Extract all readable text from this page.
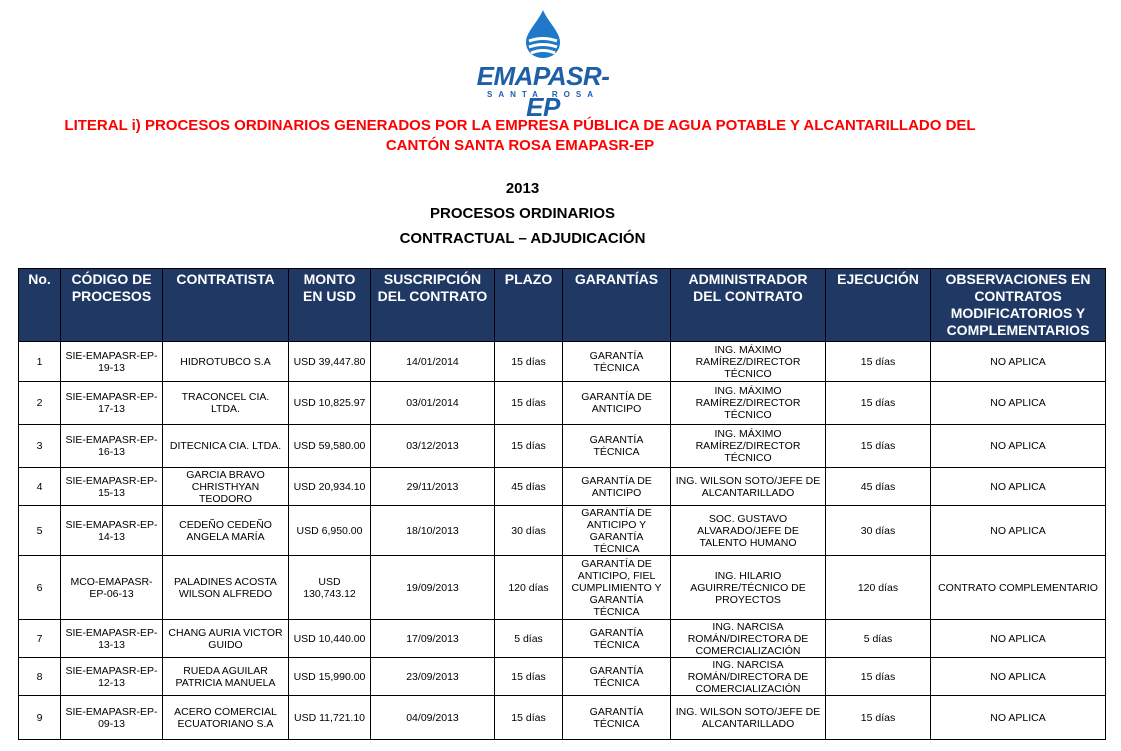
EMAPASR-EP
SANTA ROSA
LITERAL i) PROCESOS ORDINARIOS GENERADOS POR LA EMPRESA PÚBLICA DE AGUA POTABLE Y ALCANTARILLADO DEL
CANTÓN SANTA ROSA EMAPASR-EP
2013
PROCESOS ORDINARIOS
CONTRACTUAL – ADJUDICACIÓN
No.	CÓDIGO DE PROCESOS	CONTRATISTA	MONTO EN USD	SUSCRIPCIÓN DEL CONTRATO	PLAZO	GARANTÍAS	ADMINISTRADOR DEL CONTRATO	EJECUCIÓN	OBSERVACIONES EN CONTRATOS MODIFICATORIOS Y COMPLEMENTARIOS
1	SIE-EMAPASR-EP-19-13	HIDROTUBCO S.A	USD 39,447.80	14/01/2014	15 días	GARANTÍA TÉCNICA	ING. MÁXIMO RAMÍREZ/DIRECTOR TÉCNICO	15 días	NO APLICA
2	SIE-EMAPASR-EP-17-13	TRACONCEL CIA. LTDA.	USD 10,825.97	03/01/2014	15 días	GARANTÍA DE ANTICIPO	ING. MÁXIMO RAMÍREZ/DIRECTOR TÉCNICO	15 días	NO APLICA
3	SIE-EMAPASR-EP-16-13	DITECNICA CIA. LTDA.	USD 59,580.00	03/12/2013	15 días	GARANTÍA TÉCNICA	ING. MÁXIMO RAMÍREZ/DIRECTOR TÉCNICO	15 días	NO APLICA
4	SIE-EMAPASR-EP-15-13	GARCIA BRAVO CHRISTHYAN TEODORO	USD 20,934.10	29/11/2013	45 días	GARANTÍA DE ANTICIPO	ING. WILSON SOTO/JEFE DE ALCANTARILLADO	45 días	NO APLICA
5	SIE-EMAPASR-EP-14-13	CEDEÑO CEDEÑO ANGELA MARÍA	USD 6,950.00	18/10/2013	30 días	GARANTÍA DE ANTICIPO Y GARANTÍA TÉCNICA	SOC. GUSTAVO ALVARADO/JEFE DE TALENTO HUMANO	30 días	NO APLICA
6	MCO-EMAPASR-EP-06-13	PALADINES ACOSTA WILSON ALFREDO	USD 130,743.12	19/09/2013	120 días	GARANTÍA DE ANTICIPO, FIEL CUMPLIMIENTO Y GARANTÍA TÉCNICA	ING. HILARIO AGUIRRE/TÉCNICO DE PROYECTOS	120 días	CONTRATO COMPLEMENTARIO
7	SIE-EMAPASR-EP-13-13	CHANG AURIA VICTOR GUIDO	USD 10,440.00	17/09/2013	5 días	GARANTÍA TÉCNICA	ING. NARCISA ROMÁN/DIRECTORA DE COMERCIALIZACIÓN	5 días	NO APLICA
8	SIE-EMAPASR-EP-12-13	RUEDA AGUILAR PATRICIA MANUELA	USD 15,990.00	23/09/2013	15 días	GARANTÍA TÉCNICA	ING. NARCISA ROMÁN/DIRECTORA DE COMERCIALIZACIÓN	15 días	NO APLICA
9	SIE-EMAPASR-EP-09-13	ACERO COMERCIAL ECUATORIANO S.A	USD 11,721.10	04/09/2013	15 días	GARANTÍA TÉCNICA	ING. WILSON SOTO/JEFE DE ALCANTARILLADO	15 días	NO APLICA
